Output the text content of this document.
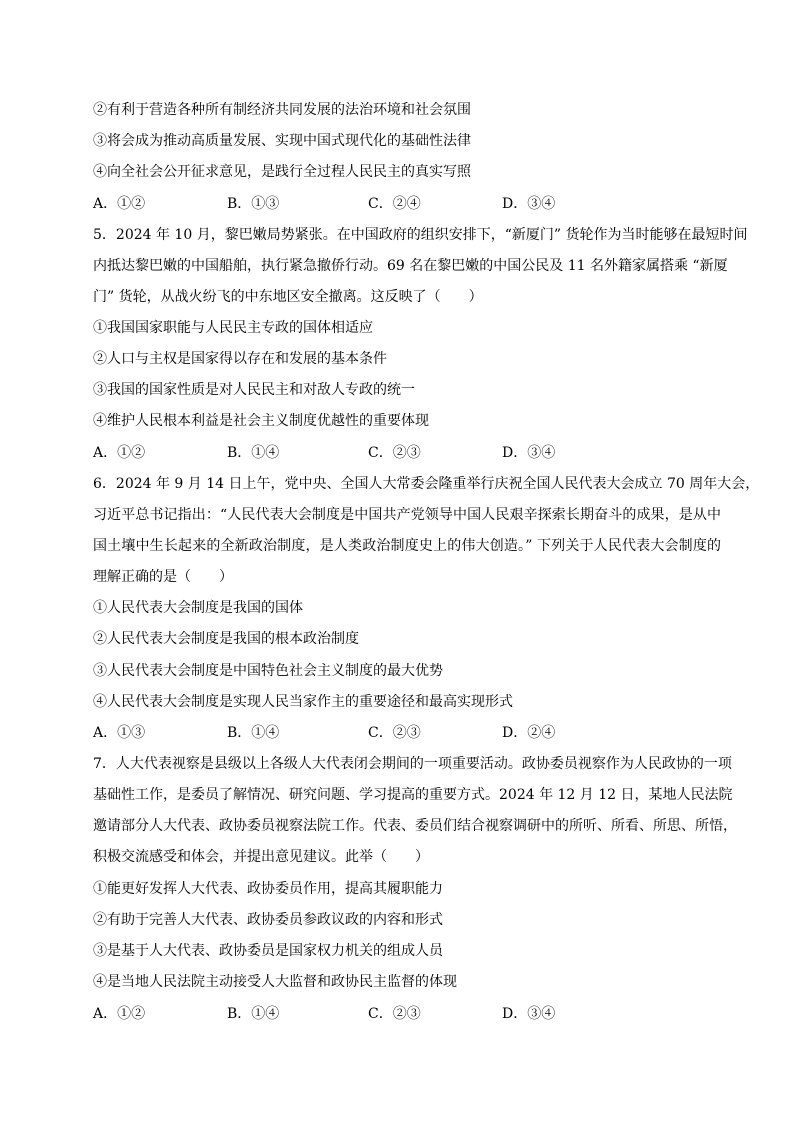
②有利于营造各种所有制经济共同发展的法治环境和社会氛围
③将会成为推动高质量发展、实现中国式现代化的基础性法律
④向全社会公开征求意见，是践行全过程人民民主的真实写照
A．①②	B．①③	C．②④	D．③④
5．2024 年 10 月，黎巴嫩局势紧张。在中国政府的组织安排下，“新厦门” 货轮作为当时能够在最短时间
内抵达黎巴嫩的中国船舶，执行紧急撤侨行动。69 名在黎巴嫩的中国公民及 11 名外籍家属搭乘 “新厦
门” 货轮，从战火纷飞的中东地区安全撤离。这反映了（　　）
①我国国家职能与人民民主专政的国体相适应
②人口与主权是国家得以存在和发展的基本条件
③我国的国家性质是对人民民主和对敌人专政的统一
④维护人民根本利益是社会主义制度优越性的重要体现
A．①②	B．①④	C．②③	D．③④
6．2024 年 9 月 14 日上午，党中央、全国人大常委会隆重举行庆祝全国人民代表大会成立 70 周年大会，
习近平总书记指出：“人民代表大会制度是中国共产党领导中国人民艰辛探索长期奋斗的成果，是从中
国土壤中生长起来的全新政治制度，是人类政治制度史上的伟大创造。” 下列关于人民代表大会制度的
理解正确的是（　　）
①人民代表大会制度是我国的国体
②人民代表大会制度是我国的根本政治制度
③人民代表大会制度是中国特色社会主义制度的最大优势
④人民代表大会制度是实现人民当家作主的重要途径和最高实现形式
A．①③	B．①④	C．②③	D．②④
7．人大代表视察是县级以上各级人大代表闭会期间的一项重要活动。政协委员视察作为人民政协的一项
基础性工作，是委员了解情况、研究问题、学习提高的重要方式。2024 年 12 月 12 日，某地人民法院
邀请部分人大代表、政协委员视察法院工作。代表、委员们结合视察调研中的所听、所看、所思、所悟，
积极交流感受和体会，并提出意见建议。此举（　　）
①能更好发挥人大代表、政协委员作用，提高其履职能力
②有助于完善人大代表、政协委员参政议政的内容和形式
③是基于人大代表、政协委员是国家权力机关的组成人员
④是当地人民法院主动接受人大监督和政协民主监督的体现
A．①②	B．①④	C．②③	D．③④
